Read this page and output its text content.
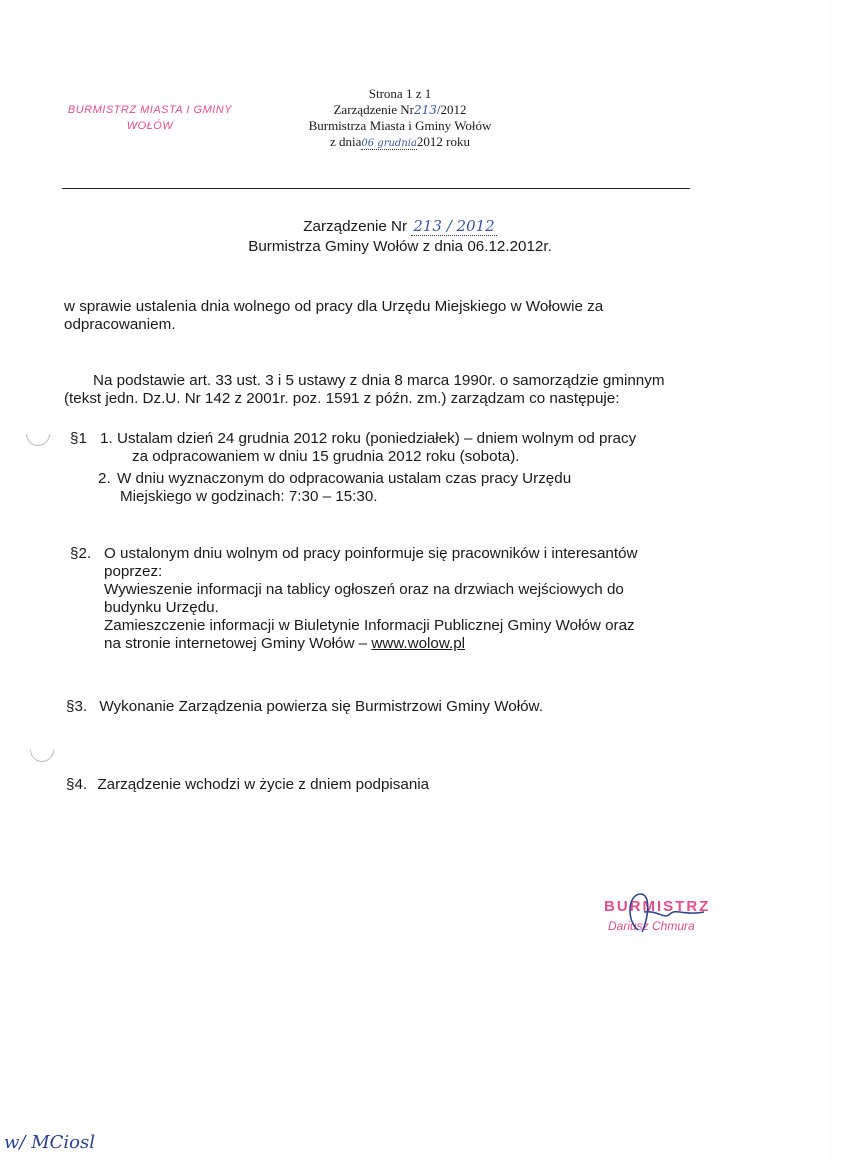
BURMISTRZ MIASTA I GMINY
WOŁÓW
Strona 1 z 1
Zarządzenie Nr213/2012
Burmistrza Miasta i Gminy Wołów
z dnia06 grudnia2012 roku
Zarządzenie Nr 213 / 2012
Burmistrza Gminy Wołów z dnia 06.12.2012r.
w sprawie ustalenia dnia wolnego od pracy dla Urzędu Miejskiego w Wołowie za odpracowaniem.
Na podstawie art. 33 ust. 3 i 5 ustawy z dnia 8 marca 1990r. o samorządzie gminnym
(tekst jedn. Dz.U. Nr 142 z 2001r. poz. 1591 z późn. zm.) zarządzam co następuje:
§1 1. Ustalam dzień 24 grudnia 2012 roku (poniedziałek) – dniem wolnym od pracy
za odpracowaniem w dniu 15 grudnia 2012 roku (sobota).
2. W dniu wyznaczonym do odpracowania ustalam czas pracy Urzędu
Miejskiego w godzinach: 7:30 – 15:30.
§2. O ustalonym dniu wolnym od pracy poinformuje się pracowników i interesantów
poprzez:
Wywieszenie informacji na tablicy ogłoszeń oraz na drzwiach wejściowych do
budynku Urzędu.
Zamieszczenie informacji w Biuletynie Informacji Publicznej Gminy Wołów oraz
na stronie internetowej Gminy Wołów – www.wolow.pl
§3. Wykonanie Zarządzenia powierza się Burmistrzowi Gminy Wołów.
§4. Zarządzenie wchodzi w życie z dniem podpisania
BURMISTRZ
Dariusz Chmura
w/ MCiosl
